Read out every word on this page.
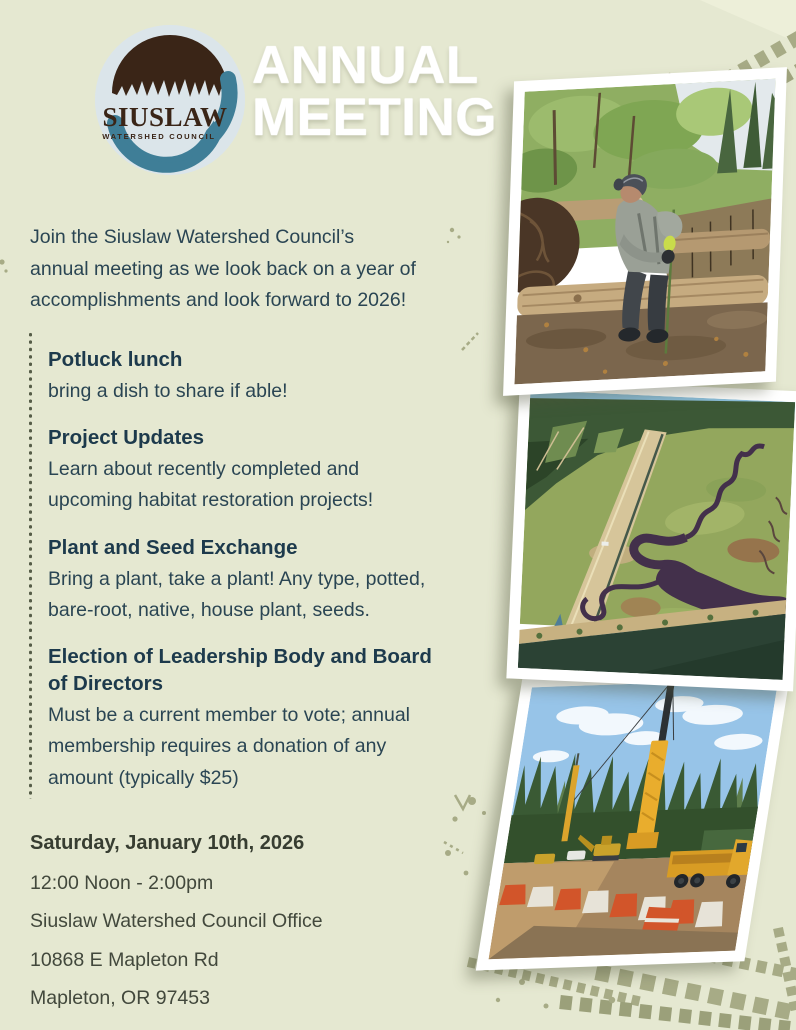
SIUSLAW
WATERSHED COUNCIL
ANNUAL
MEETING
Join the Siuslaw Watershed Council’s
annual meeting as we look back on a year of
accomplishments and look forward to 2026!
Potluck lunch
bring a dish to share if able!
Project Updates
Learn about recently completed and
upcoming habitat restoration projects!
Plant and Seed Exchange
Bring a plant, take a plant! Any type, potted,
bare-root, native, house plant, seeds.
Election of Leadership Body and Board
of Directors
Must be a current member to vote; annual
membership requires a donation of any
amount (typically $25)
Saturday, January 10th, 2026
12:00 Noon - 2:00pm
Siuslaw Watershed Council Office
10868 E Mapleton Rd
Mapleton, OR 97453
